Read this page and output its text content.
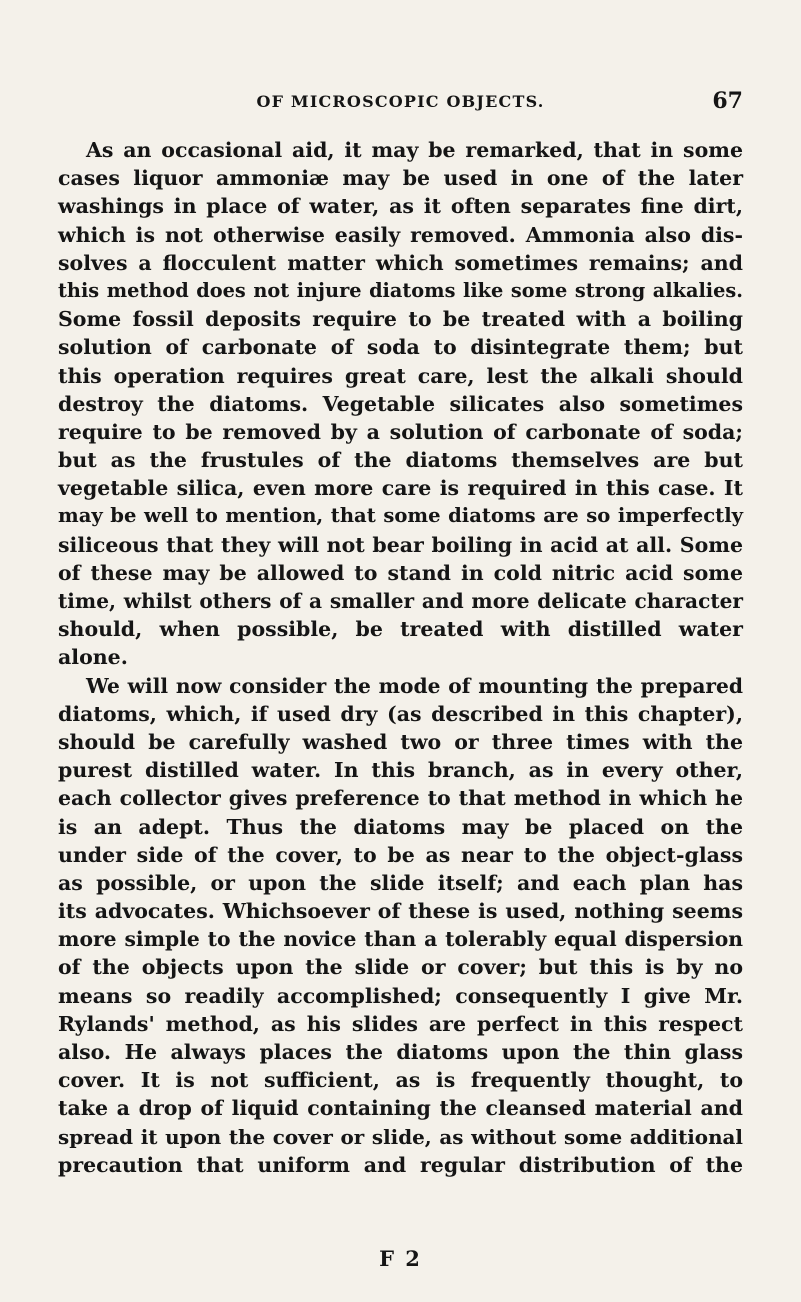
OF MICROSCOPIC OBJECTS.	67
As an occasional aid, it may be remarked, that in some
cases liquor ammoniæ may be used in one of the later
washings in place of water, as it often separates fine dirt,
which is not otherwise easily removed. Ammonia also dis-
solves a flocculent matter which sometimes remains; and
this method does not injure diatoms like some strong alkalies.
Some fossil deposits require to be treated with a boiling
solution of carbonate of soda to disintegrate them; but
this operation requires great care, lest the alkali should
destroy the diatoms. Vegetable silicates also sometimes
require to be removed by a solution of carbonate of soda;
but as the frustules of the diatoms themselves are but
vegetable silica, even more care is required in this case. It
may be well to mention, that some diatoms are so imperfectly
siliceous that they will not bear boiling in acid at all. Some
of these may be allowed to stand in cold nitric acid some
time, whilst others of a smaller and more delicate character
should, when possible, be treated with distilled water
alone.
We will now consider the mode of mounting the prepared
diatoms, which, if used dry (as described in this chapter),
should be carefully washed two or three times with the
purest distilled water. In this branch, as in every other,
each collector gives preference to that method in which he
is an adept. Thus the diatoms may be placed on the
under side of the cover, to be as near to the object-glass
as possible, or upon the slide itself; and each plan has
its advocates. Whichsoever of these is used, nothing seems
more simple to the novice than a tolerably equal dispersion
of the objects upon the slide or cover; but this is by no
means so readily accomplished; consequently I give Mr.
Rylands' method, as his slides are perfect in this respect
also. He always places the diatoms upon the thin glass
cover. It is not sufficient, as is frequently thought, to
take a drop of liquid containing the cleansed material and
spread it upon the cover or slide, as without some additional
precaution that uniform and regular distribution of the
F 2
